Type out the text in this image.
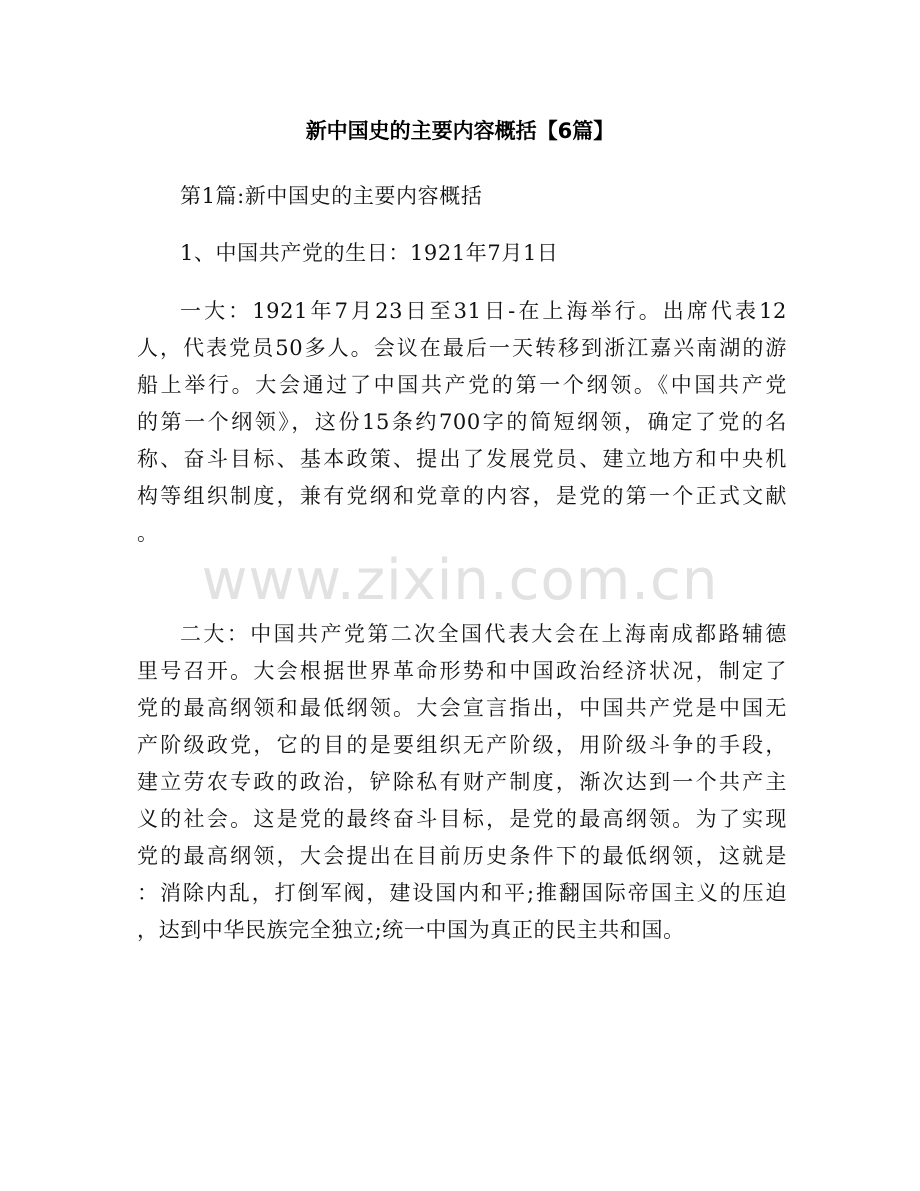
www.zixin.com.cn
新中国史的主要内容概括【6篇】
第1篇:新中国史的主要内容概括
1、中国共产党的生日：1921年7月1日
一大：1921年7月23日至31日-在上海举行。出席代表12
人，代表党员50多人。会议在最后一天转移到浙江嘉兴南湖的游
船上举行。大会通过了中国共产党的第一个纲领。《中国共产党
的第一个纲领》，这份15条约700字的简短纲领，确定了党的名
称、奋斗目标、基本政策、提出了发展党员、建立地方和中央机
构等组织制度，兼有党纲和党章的内容，是党的第一个正式文献
。
二大：中国共产党第二次全国代表大会在上海南成都路辅德
里号召开。大会根据世界革命形势和中国政治经济状况，制定了
党的最高纲领和最低纲领。大会宣言指出，中国共产党是中国无
产阶级政党，它的目的是要组织无产阶级，用阶级斗争的手段，
建立劳农专政的政治，铲除私有财产制度，渐次达到一个共产主
义的社会。这是党的最终奋斗目标，是党的最高纲领。为了实现
党的最高纲领，大会提出在目前历史条件下的最低纲领，这就是
：消除内乱，打倒军阀，建设国内和平;推翻国际帝国主义的压迫
，达到中华民族完全独立;统一中国为真正的民主共和国。
